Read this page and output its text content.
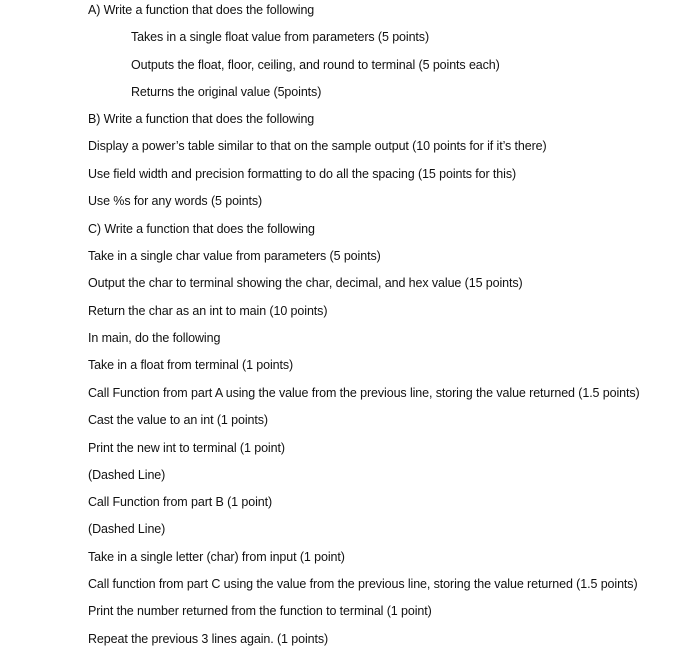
A) Write a function that does the following
Takes in a single float value from parameters (5 points)
Outputs the float, floor, ceiling, and round to terminal (5 points each)
Returns the original value (5points)
B) Write a function that does the following
Display a power’s table similar to that on the sample output (10 points for if it’s there)
Use field width and precision formatting to do all the spacing (15 points for this)
Use %s for any words (5 points)
C) Write a function that does the following
Take in a single char value from parameters (5 points)
Output the char to terminal showing the char, decimal, and hex value (15 points)
Return the char as an int to main (10 points)
In main, do the following
Take in a float from terminal (1 points)
Call Function from part A using the value from the previous line, storing the value returned (1.5 points)
Cast the value to an int (1 points)
Print the new int to terminal (1 point)
(Dashed Line)
Call Function from part B (1 point)
(Dashed Line)
Take in a single letter (char) from input (1 point)
Call function from part C using the value from the previous line, storing the value returned (1.5 points)
Print the number returned from the function to terminal (1 point)
Repeat the previous 3 lines again. (1 points)
